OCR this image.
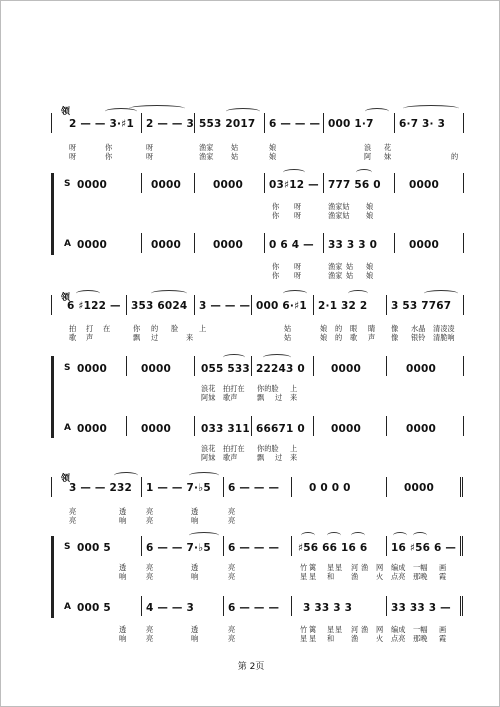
领
2 — — 3·♯1 2 — — 3 553 2017 6 — — — 000 1·7 6·7 3· 3
呀	你	呀	渔家 姑	娘	浪 花
呀	你	呀	渔家 姑	娘	阿 妹	的
S 0000	0000	0000 03♯12 — 777 56 0	0000
你 呀	渔家姑 娘
你 呀	渔家姑 娘
A 0000	0000	0000 0 6 4 — 33 3 3 0	0000
你 呀	渔家 姑 娘
你 呀	渔家 姑 娘
领
6 ♯122 — 353 6024 3 — — — 000 6·♯1 2·1 32 2 3 53 7767
拍 打 在	你 的 脸	上	姑	娘 的 眼 睛 像 水晶 清凌凌
歌 声	飘 过	来	姑	娘 的 歌 声 像 银铃 清脆响
S 0000	0000	055 533 22243 0 0000	0000
浪花 拍打在 你的脸 上
阿妹 歌声	飘 过 来
A 0000	0000	033 311 66671 0 0000	0000
浪花 拍打在 你的脸 上
阿妹 歌声	飘 过 来
领
3 — — 232 1 — — 7·♭5 6 — — —	0 0 0 0	0000
亮	透	亮	透	亮
亮	响	亮	响	亮
S 000 5	6 — — 7·♭5 6 — — — ♯56 66 16 6 16 ♯56 6 —
透	亮	透	亮	竹 篱 星 星 河 渔 网 编成 一幅 画
响	亮	响	亮	星 星 和 渔 火 点亮 那晚 霞
A 000 5	4 — — 3	6 — — — 3 33 3 3	33 33 3 —
透	亮	透	亮	竹 篱 星 星 河 渔 网 编成 一幅 画
响	亮	响	亮	星 星 和 渔 火 点亮 那晚 霞
第 2页
